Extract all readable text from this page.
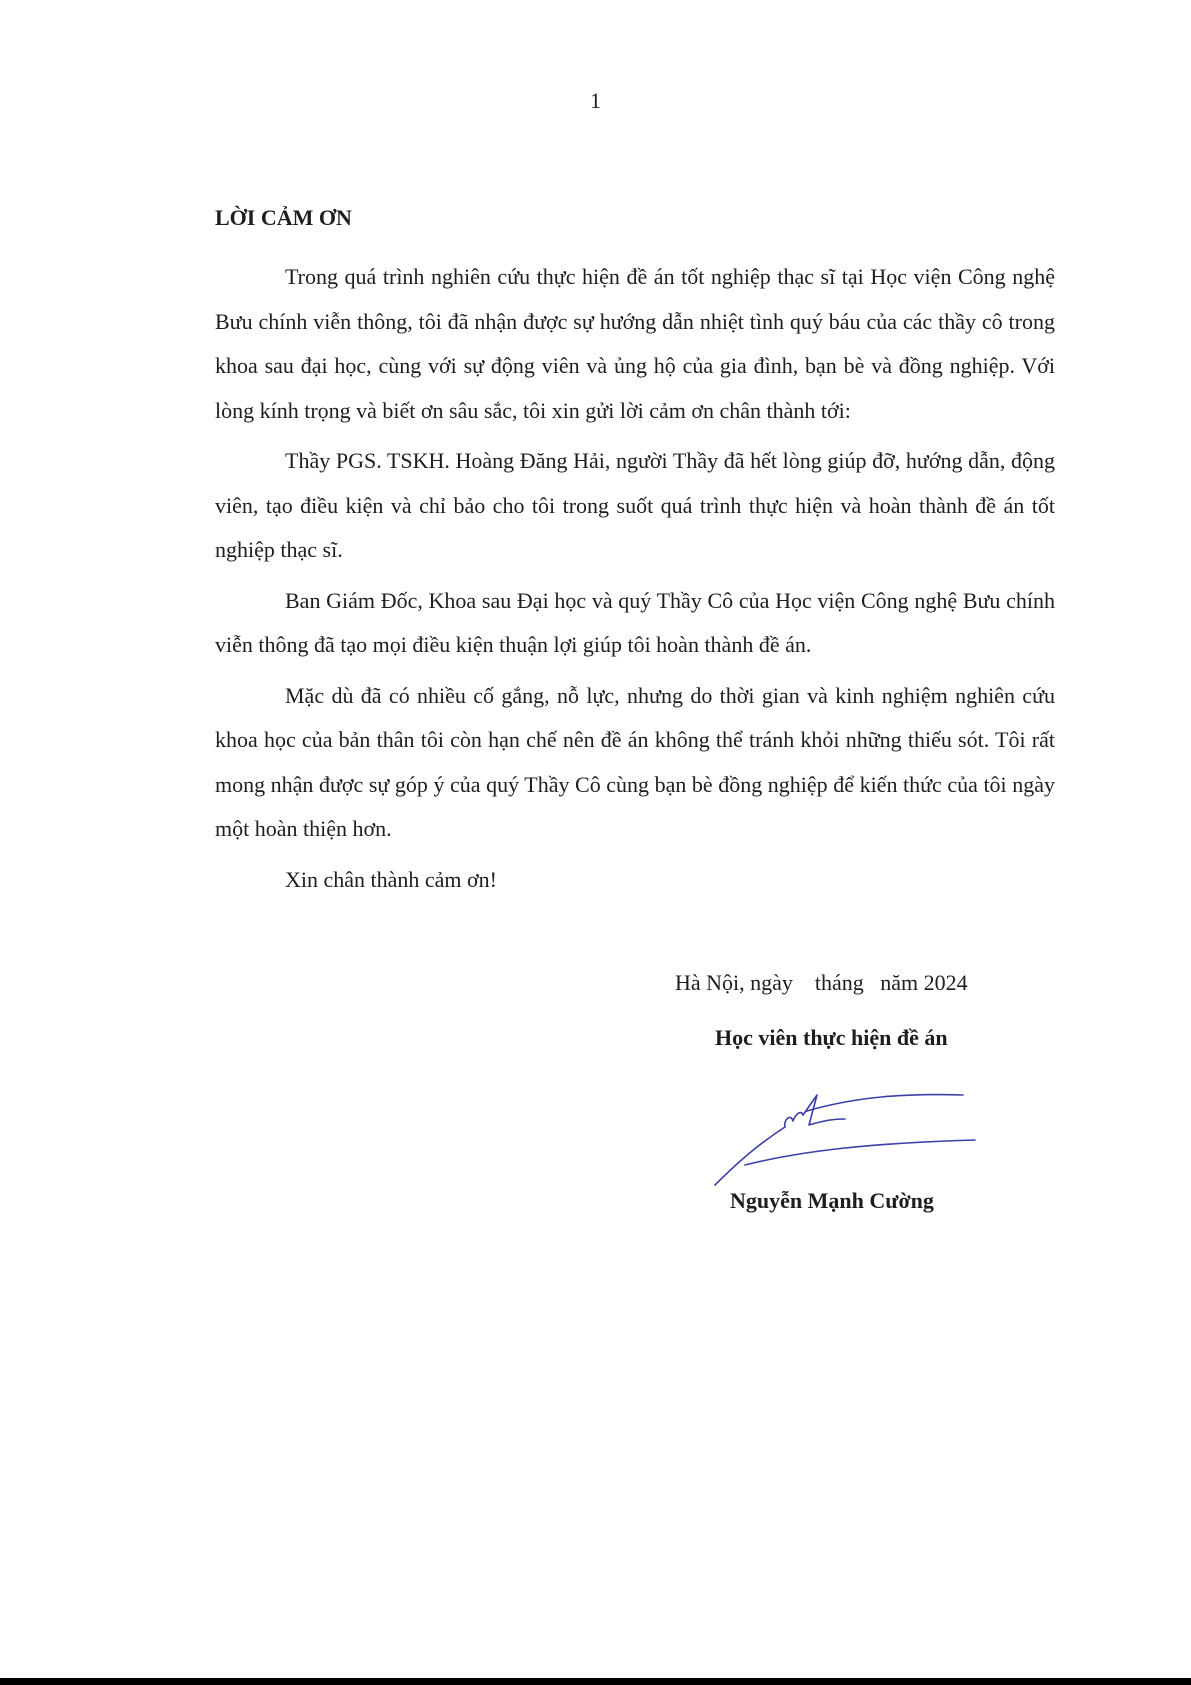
1
LỜI CẢM ƠN

Trong quá trình nghiên cứu thực hiện đề án tốt nghiệp thạc sĩ tại Học viện Công nghệ Bưu chính viễn thông, tôi đã nhận được sự hướng dẫn nhiệt tình quý báu của các thầy cô trong khoa sau đại học, cùng với sự động viên và ủng hộ của gia đình, bạn bè và đồng nghiệp. Với lòng kính trọng và biết ơn sâu sắc, tôi xin gửi lời cảm ơn chân thành tới:

Thầy PGS. TSKH. Hoàng Đăng Hải, người Thầy đã hết lòng giúp đỡ, hướng dẫn, động viên, tạo điều kiện và chỉ bảo cho tôi trong suốt quá trình thực hiện và hoàn thành đề án tốt nghiệp thạc sĩ.

Ban Giám Đốc, Khoa sau Đại học và quý Thầy Cô của Học viện Công nghệ Bưu chính viễn thông đã tạo mọi điều kiện thuận lợi giúp tôi hoàn thành đề án.

Mặc dù đã có nhiều cố gắng, nỗ lực, nhưng do thời gian và kinh nghiệm nghiên cứu khoa học của bản thân tôi còn hạn chế nên đề án không thể tránh khỏi những thiếu sót. Tôi rất mong nhận được sự góp ý của quý Thầy Cô cùng bạn bè đồng nghiệp để kiến thức của tôi ngày một hoàn thiện hơn.

Xin chân thành cảm ơn!

Hà Nội, ngày    tháng   năm 2024
Học viên thực hiện đề án
Nguyễn Mạnh Cường
